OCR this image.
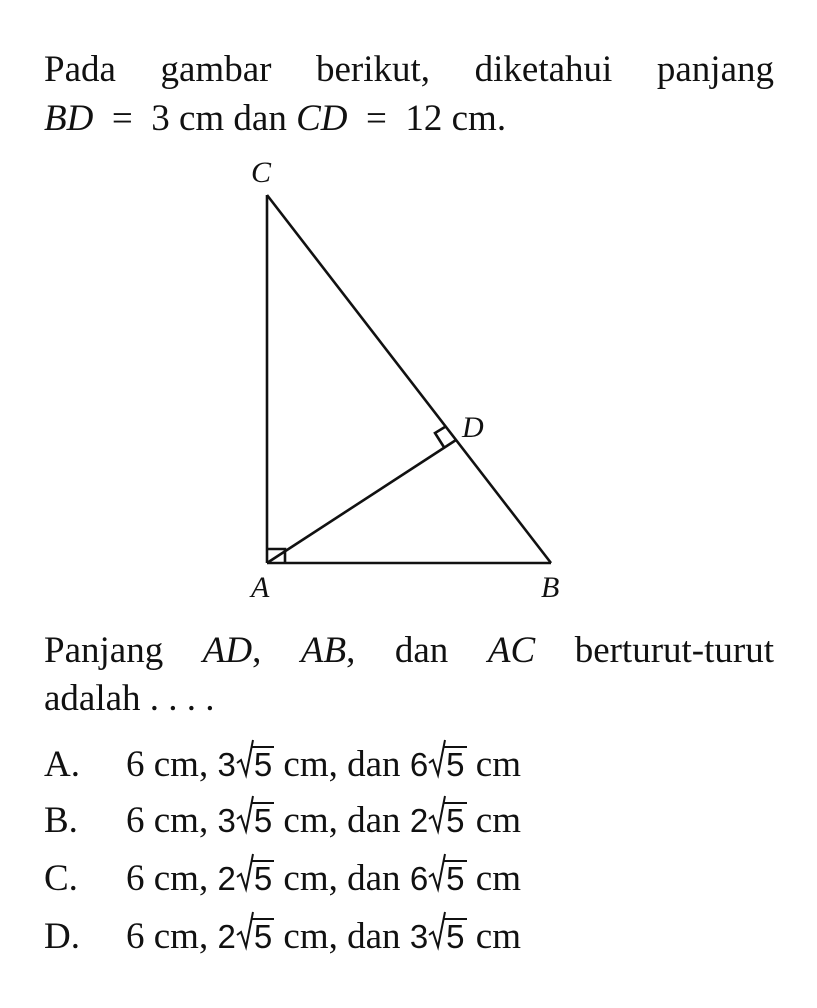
Pada gambar berikut, diketahui panjang
BD  =  3 cm dan CD  =  12 cm.
C
D
A	B
Panjang AD, AB, dan AC berturut-turut
adalah . . . .
A. 6 cm, 3 5 cm, dan 6 5 cm
B. 6 cm, 3 5 cm, dan 2 5 cm
C. 6 cm, 2 5 cm, dan 6 5 cm
D. 6 cm, 2 5 cm, dan 3 5 cm
